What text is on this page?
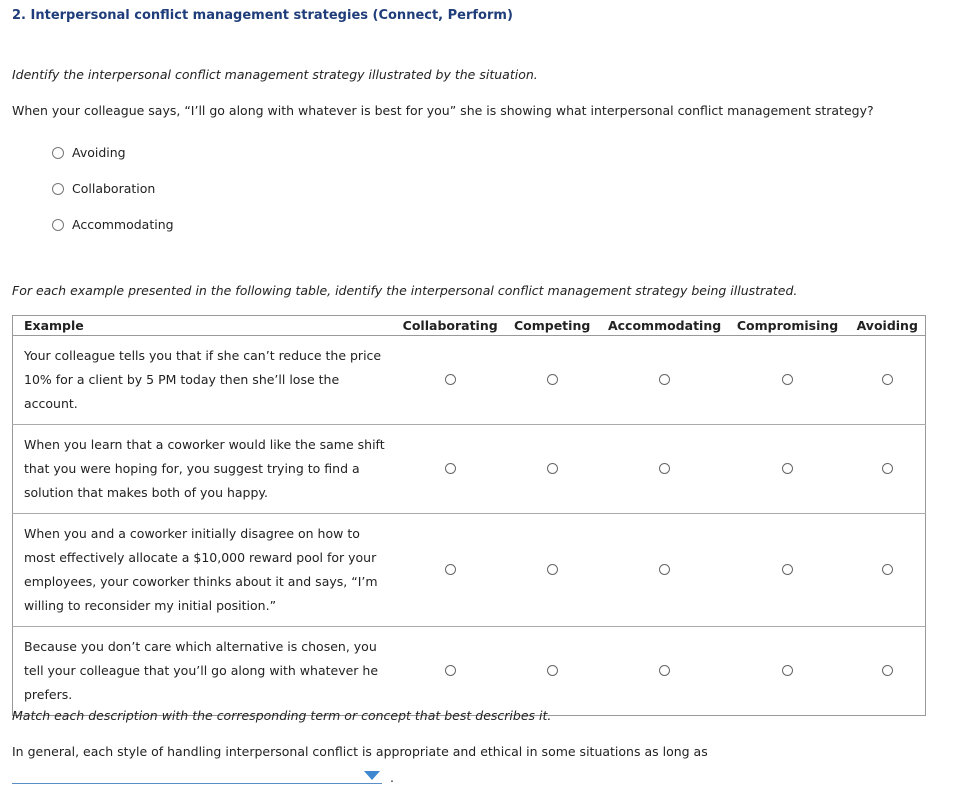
2. Interpersonal conflict management strategies (Connect, Perform)
Identify the interpersonal conflict management strategy illustrated by the situation.
When your colleague says, “I’ll go along with whatever is best for you” she is showing what interpersonal conflict management strategy?
Avoiding
Collaboration
Accommodating
For each example presented in the following table, identify the interpersonal conflict management strategy being illustrated.
Example	Collaborating	Competing	Accommodating	Compromising	Avoiding
Your colleague tells you that if she can’t reduce the price 10% for a client by 5 PM today then she’ll lose the account.					
When you learn that a coworker would like the same shift that you were hoping for, you suggest trying to find a solution that makes both of you happy.					
When you and a coworker initially disagree on how to most effectively allocate a $10,000 reward pool for your employees, your coworker thinks about it and says, “I’m willing to reconsider my initial position.”					
Because you don’t care which alternative is chosen, you tell your colleague that you’ll go along with whatever he prefers.					
Match each description with the corresponding term or concept that best describes it.
In general, each style of handling interpersonal conflict is appropriate and ethical in some situations as long as
.
